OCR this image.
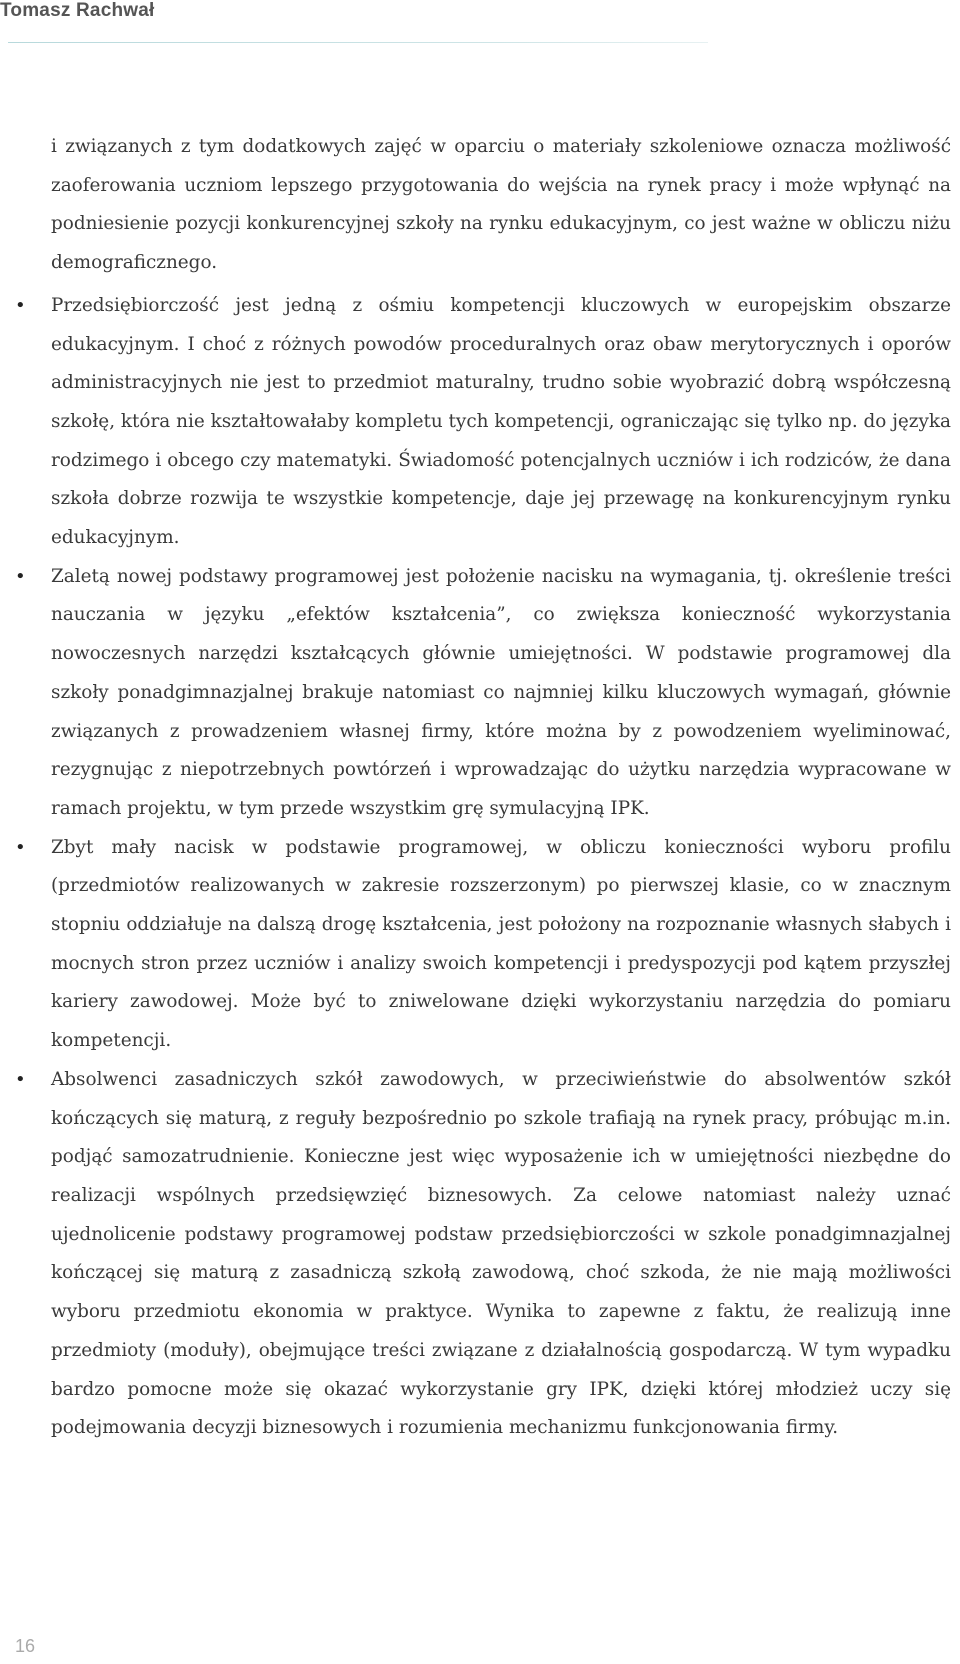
Tomasz Rachwał

i związanych z tym dodatkowych zajęć w oparciu o materiały szkoleniowe oznacza możliwość zaoferowania uczniom lepszego przygotowania do wejścia na rynek pracy i może wpłynąć na podniesienie pozycji konkurencyjnej szkoły na rynku edukacyjnym, co jest ważne w obliczu niżu demograficznego.

• Przedsiębiorczość jest jedną z ośmiu kompetencji kluczowych w europejskim obszarze edukacyjnym. I choć z różnych powodów proceduralnych oraz obaw merytorycznych i oporów administracyjnych nie jest to przedmiot maturalny, trudno sobie wyobrazić dobrą współczesną szkołę, która nie kształtowałaby kompletu tych kompetencji, ograniczając się tylko np. do języka rodzimego i obcego czy matematyki. Świadomość potencjalnych uczniów i ich rodziców, że dana szkoła dobrze rozwija te wszystkie kompetencje, daje jej przewagę na konkurencyjnym rynku edukacyjnym.
• Zaletą nowej podstawy programowej jest położenie nacisku na wymagania, tj. określenie treści nauczania w języku „efektów kształcenia”, co zwiększa konieczność wykorzystania nowoczesnych narzędzi kształcących głównie umiejętności. W podstawie programowej dla szkoły ponadgimnazjalnej brakuje natomiast co najmniej kilku kluczowych wymagań, głównie związanych z prowadzeniem własnej firmy, które można by z powodzeniem wyeliminować, rezygnując z niepotrzebnych powtórzeń i wprowadzając do użytku narzędzia wypracowane w ramach projektu, w tym przede wszystkim grę symulacyjną IPK.
• Zbyt mały nacisk w podstawie programowej, w obliczu konieczności wyboru profilu (przedmiotów realizowanych w zakresie rozszerzonym) po pierwszej klasie, co w znacznym stopniu oddziałuje na dalszą drogę kształcenia, jest położony na rozpoznanie własnych słabych i mocnych stron przez uczniów i analizy swoich kompetencji i predyspozycji pod kątem przyszłej kariery zawodowej. Może być to zniwelowane dzięki wykorzystaniu narzędzia do pomiaru kompetencji.
• Absolwenci zasadniczych szkół zawodowych, w przeciwieństwie do absolwentów szkół kończących się maturą, z reguły bezpośrednio po szkole trafiają na rynek pracy, próbując m.in. podjąć samozatrudnienie. Konieczne jest więc wyposażenie ich w umiejętności niezbędne do realizacji wspólnych przedsięwzięć biznesowych. Za celowe natomiast należy uznać ujednolicenie podstawy programowej podstaw przedsiębiorczości w szkole ponadgimnazjalnej kończącej się maturą z zasadniczą szkołą zawodową, choć szkoda, że nie mają możliwości wyboru przedmiotu ekonomia w praktyce. Wynika to zapewne z faktu, że realizują inne przedmioty (moduły), obejmujące treści związane z działalnością gospodarczą. W tym wypadku bardzo pomocne może się okazać wykorzystanie gry IPK, dzięki której młodzież uczy się podejmowania decyzji biznesowych i rozumienia mechanizmu funkcjonowania firmy.
16
